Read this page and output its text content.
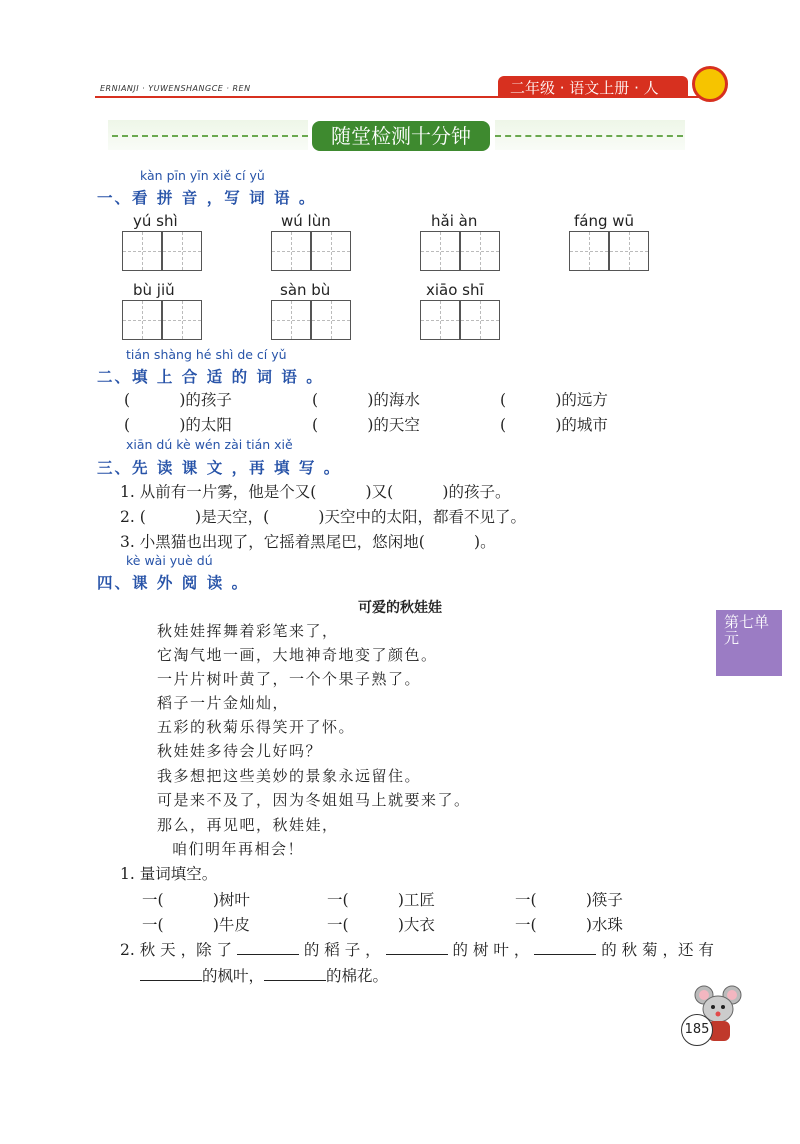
ERNIANJI · YUWENSHANGCE · REN	二年级 · 语文上册 · 人
随堂检测十分钟
kàn pīn yīn xiě cí yǔ
一、看 拼 音 ，写 词 语 。
yú shì	wú lùn	hǎi àn	fáng wū
bù jiǔ	sàn bù	xiāo shī
tián shàng hé shì de cí yǔ
二、填 上 合 适 的 词 语 。
(          )的孩子	(          )的海水	(          )的远方
(          )的太阳	(          )的天空	(          )的城市
xiān dú kè wén zài tián xiě
三、先 读 课 文 ，再 填 写 。
1. 从前有一片雾，他是个又(          )又(          )的孩子。
2. (          )是天空，(          )天空中的太阳，都看不见了。
3. 小黑猫也出现了，它摇着黑尾巴，悠闲地(          )。
kè wài yuè dú
四、课 外 阅 读 。
可爱的秋娃娃
秋娃娃挥舞着彩笔来了，
它淘气地一画，大地神奇地变了颜色。
一片片树叶黄了，一个个果子熟了。
稻子一片金灿灿，
五彩的秋菊乐得笑开了怀。
秋娃娃多待会儿好吗？
我多想把这些美妙的景象永远留住。
可是来不及了，因为冬姐姐马上就要来了。
那么，再见吧，秋娃娃，
咱们明年再相会！
1. 量词填空。
一(          )树叶	一(          )工匠	一(          )筷子
一(          )牛皮	一(          )大衣	一(          )水珠
2. 秋 天 ，除 了	的 稻 子 ，	的 树 叶 ，	的 秋 菊 ，还 有
的枫叶，	的棉花。
第七单元
185
